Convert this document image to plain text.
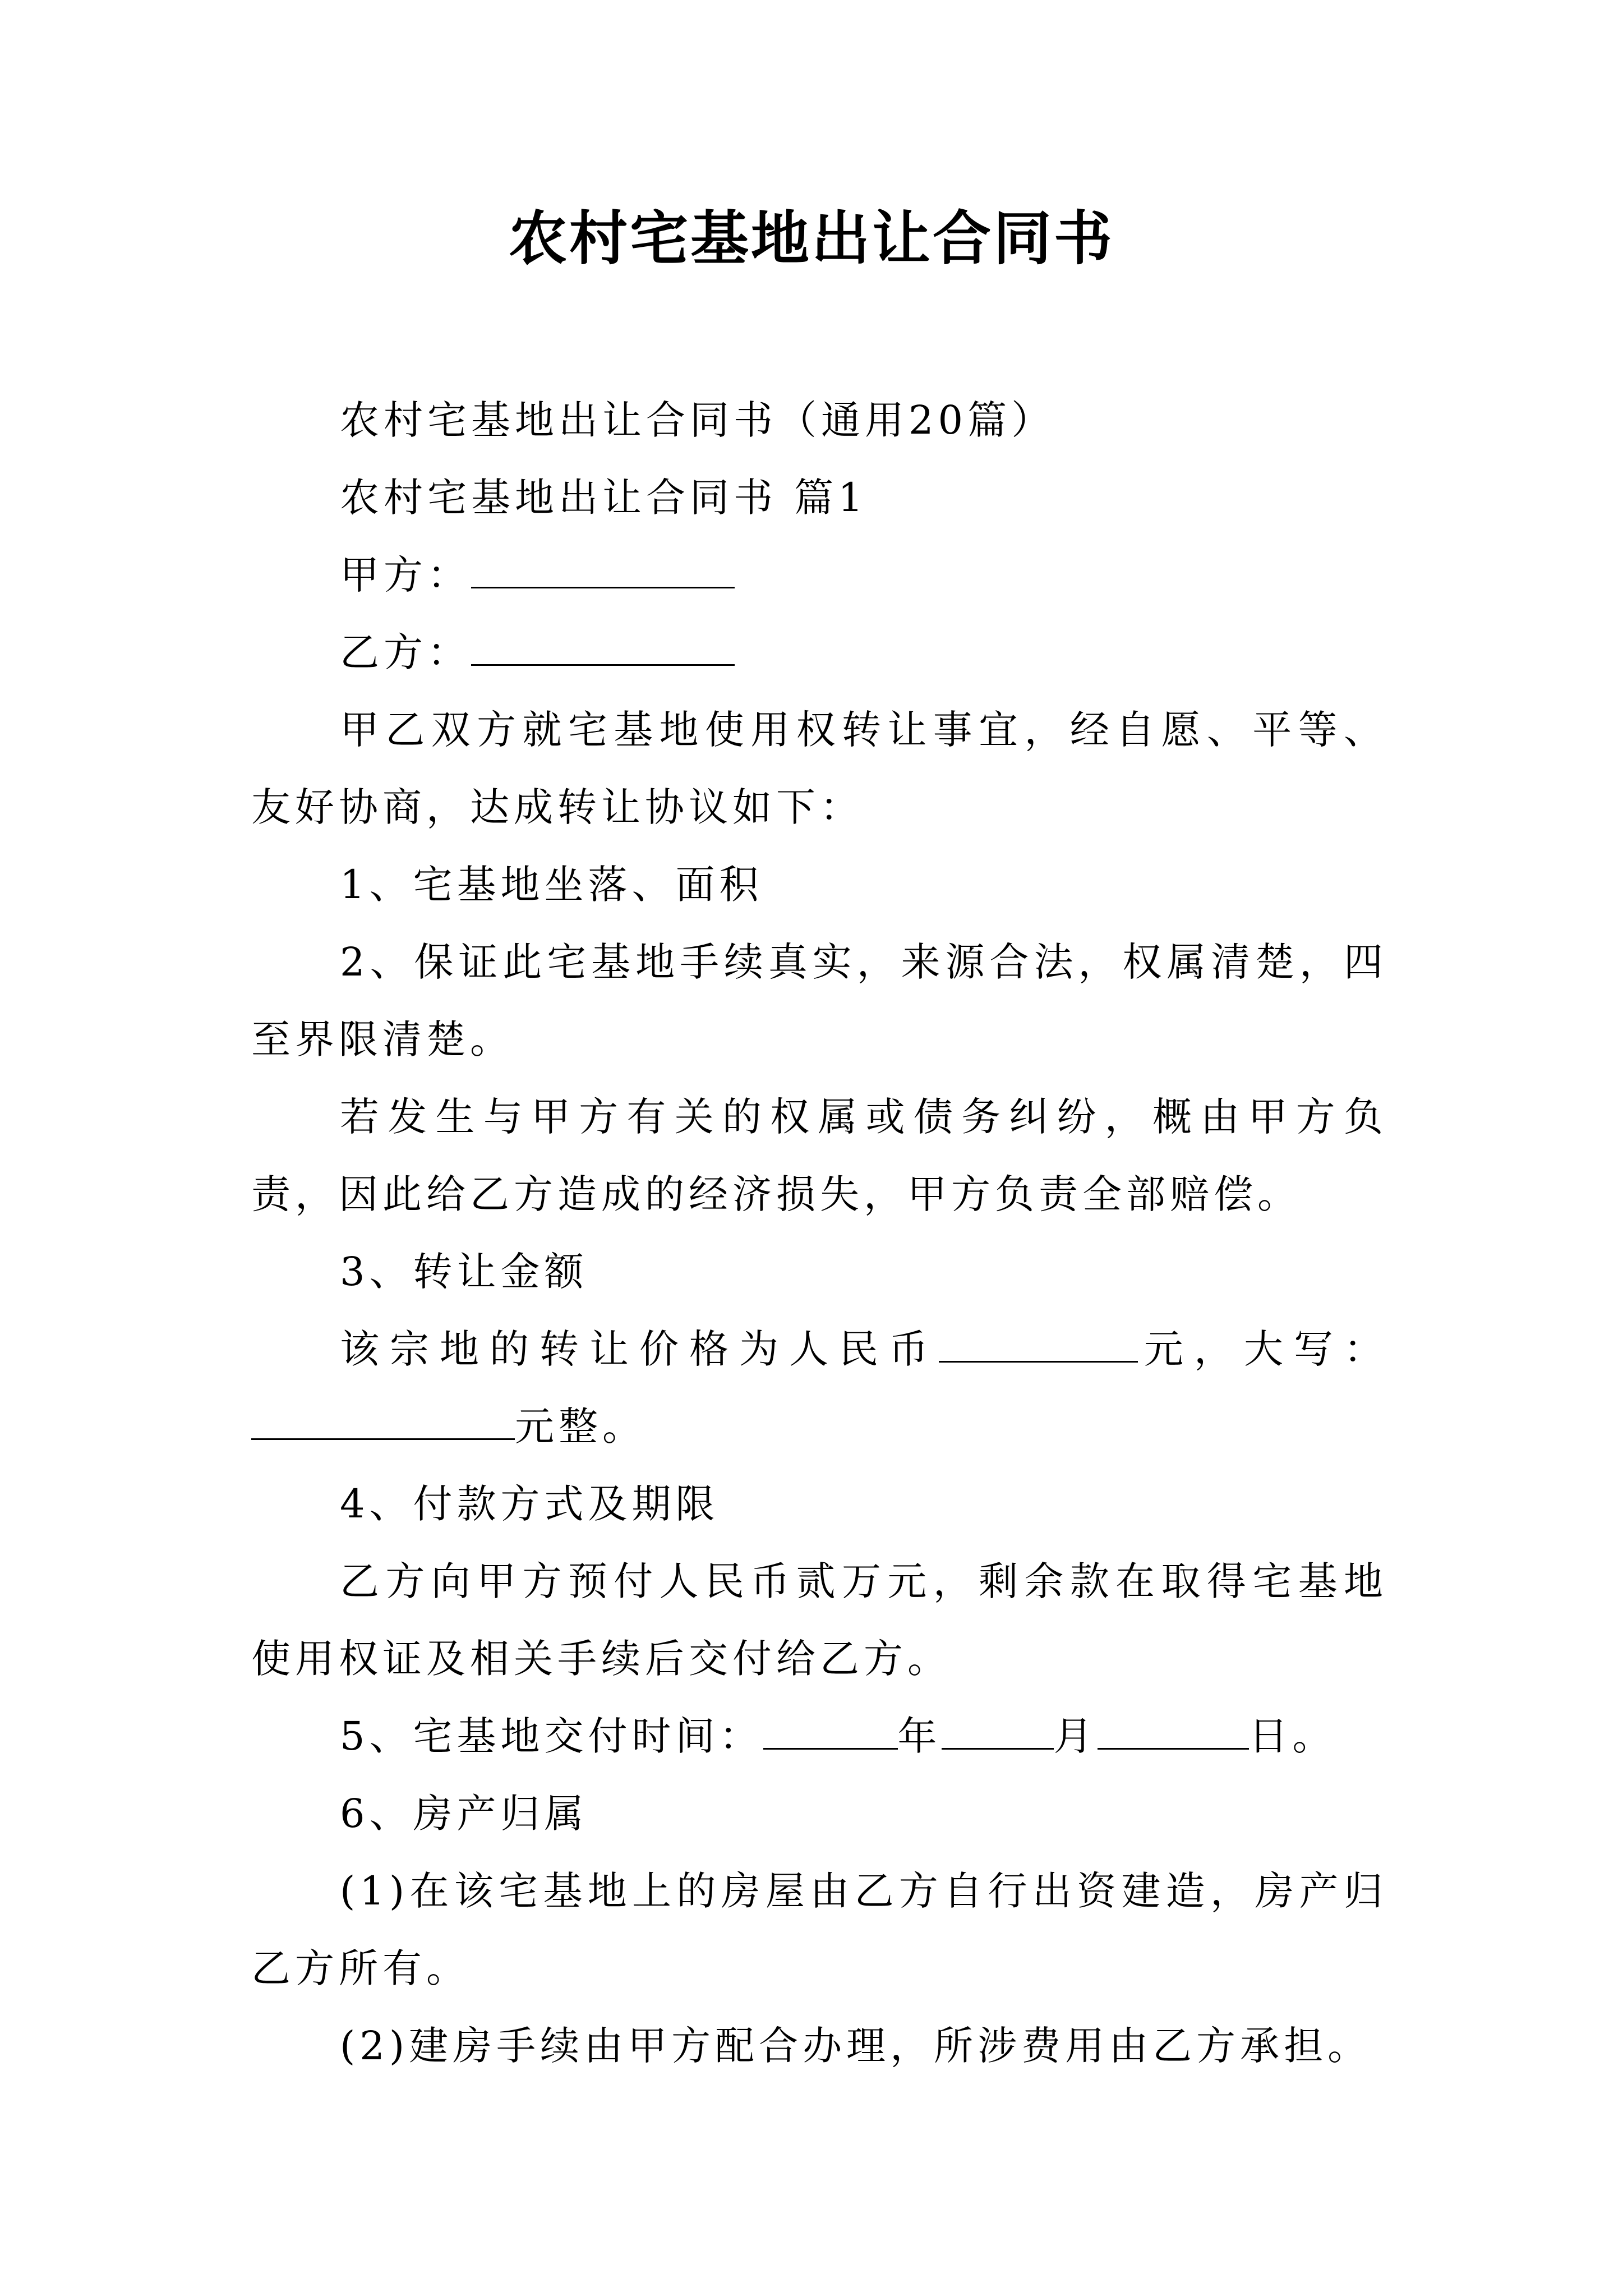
农村宅基地出让合同书

农村宅基地出让合同书（通用20篇）

农村宅基地出让合同书 篇1

甲方：

乙方：

甲乙双方就宅基地使用权转让事宜，经自愿、平等、友好协商，达成转让协议如下：

1、宅基地坐落、面积

2、保证此宅基地手续真实，来源合法，权属清楚，四至界限清楚。

若发生与甲方有关的权属或债务纠纷，概由甲方负责，因此给乙方造成的经济损失，甲方负责全部赔偿。

3、转让金额

该宗地的转让价格为人民币	元，大写：元整。

4、付款方式及期限

乙方向甲方预付人民币贰万元，剩余款在取得宅基地使用权证及相关手续后交付给乙方。

5、宅基地交付时间：	年	月	日。

6、房产归属

(1)在该宅基地上的房屋由乙方自行出资建造，房产归乙方所有。

(2)建房手续由甲方配合办理，所涉费用由乙方承担。
